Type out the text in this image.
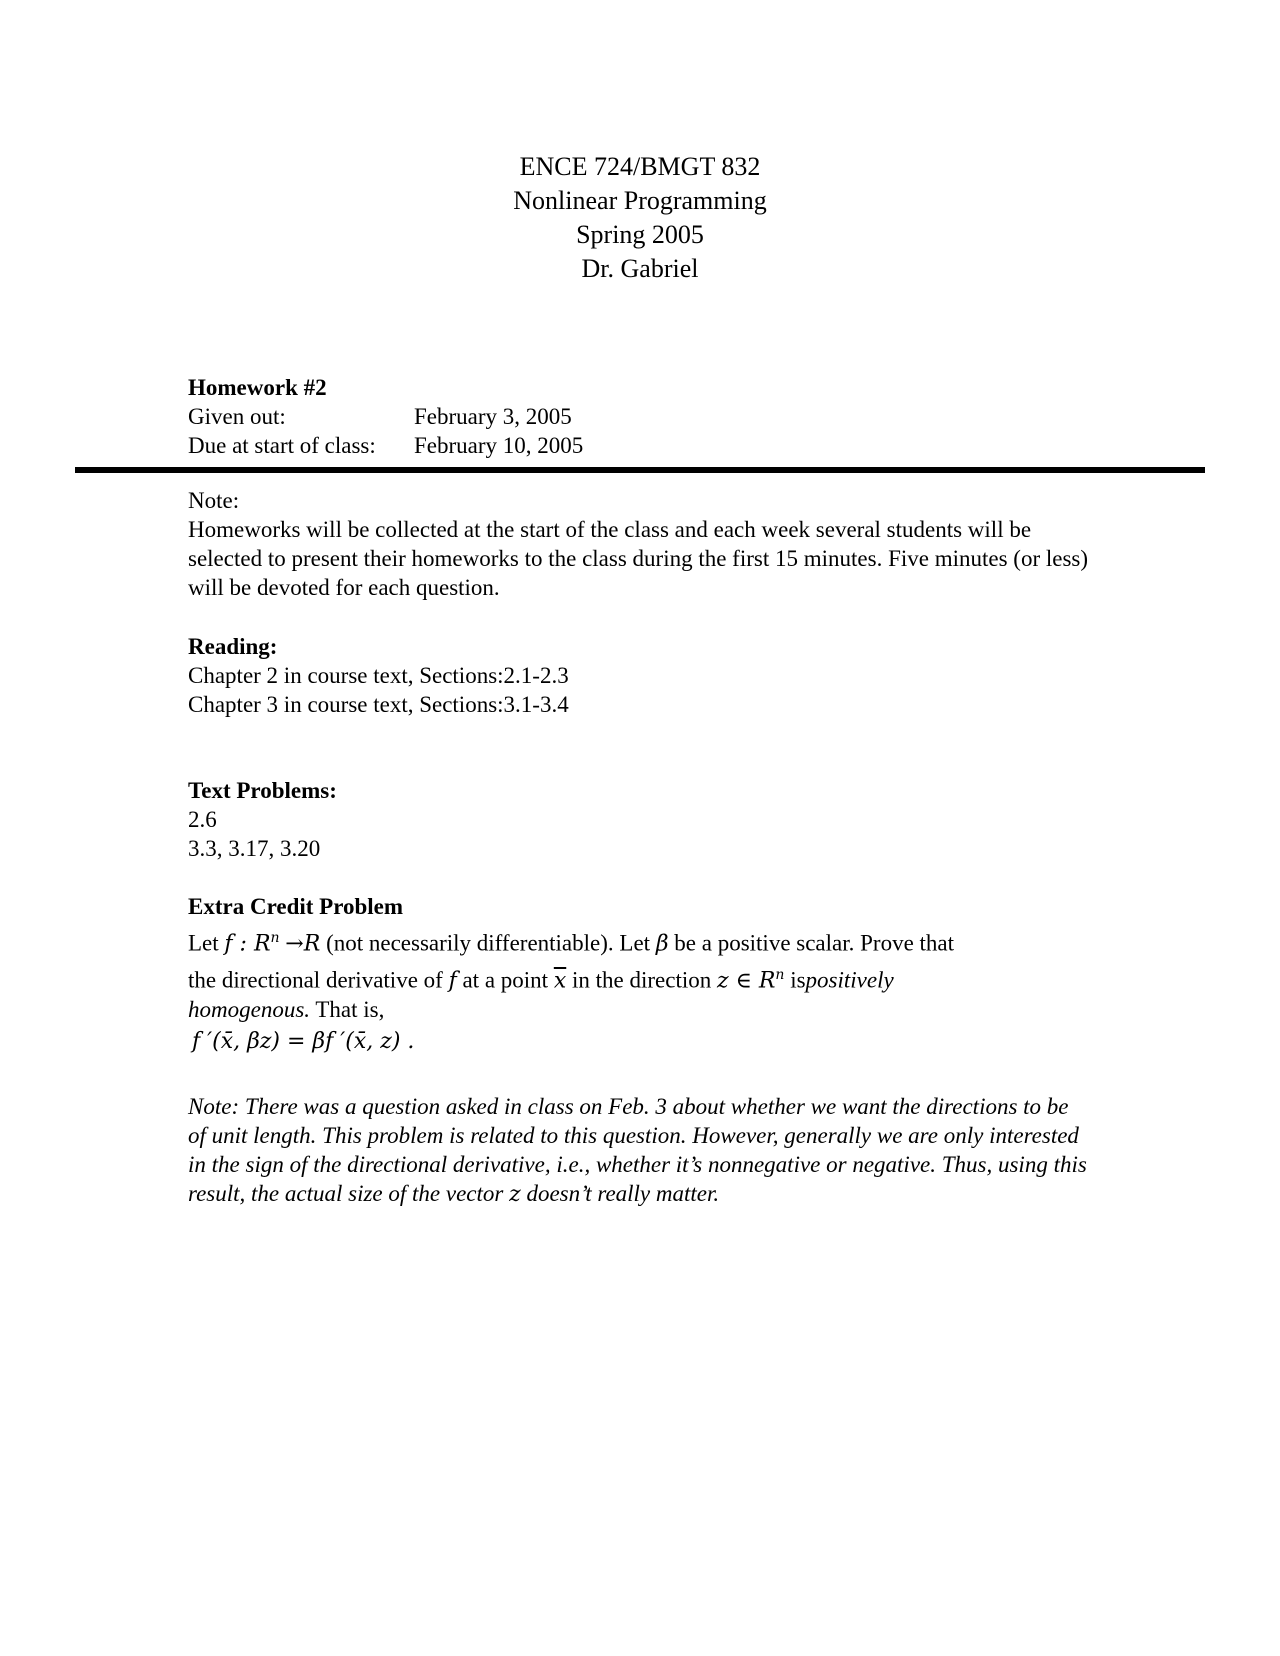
ENCE 724/BMGT 832
Nonlinear Programming
Spring 2005
Dr. Gabriel
Homework #2
Given out:	February 3, 2005
Due at start of class: February 10, 2005
Note:
Homeworks will be collected at the start of the class and each week several students will be selected to present their homeworks to the class during the first 15 minutes. Five minutes (or less) will be devoted for each question.
Reading:
Chapter 2 in course text, Sections:2.1-2.3
Chapter 3 in course text, Sections:3.1-3.4
Text Problems:
2.6
3.3, 3.17, 3.20
Extra Credit Problem
Let f : $R^n \to R$ (not necessarily differentiable). Let β be a positive scalar. Prove that
the directional derivative of f at a point $\overline{x}$ in the direction z ∈ $R^n$ ispositively
homogenous. That is,
f ′(x̄, βz) = βf ′(x̄, z) .
Note: There was a question asked in class on Feb. 3 about whether we want the directions to be of unit length. This problem is related to this question. However, generally we are only interested in the sign of the directional derivative, i.e., whether it’s nonnegative or negative. Thus, using this result, the actual size of the vector z doesn’t really matter.
